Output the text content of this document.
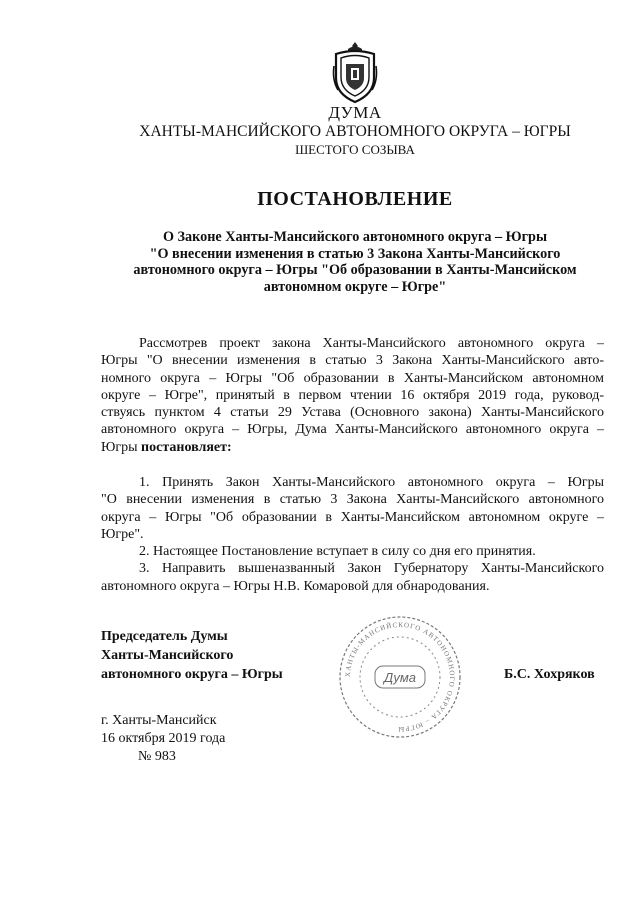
ДУМА
ХАНТЫ-МАНСИЙСКОГО АВТОНОМНОГО ОКРУГА – ЮГРЫ
ШЕСТОГО СОЗЫВА
ПОСТАНОВЛЕНИЕ
О Законе Ханты-Мансийского автономного округа – Югры
"О внесении изменения в статью 3 Закона Ханты-Мансийского
автономного округа – Югры "Об образовании в Ханты-Мансийском
автономном округе – Югре"
Рассмотрев проект закона Ханты-Мансийского автономного округа –
Югры "О внесении изменения в статью 3 Закона Ханты-Мансийского авто-
номного округа – Югры "Об образовании в Ханты-Мансийском автономном
округе – Югре", принятый в первом чтении 16 октября 2019 года, руковод-
ствуясь пунктом 4 статьи 29 Устава (Основного закона) Ханты-Мансийского
автономного округа – Югры, Дума Ханты-Мансийского автономного округа –
Югры постановляет:
1. Принять Закон Ханты-Мансийского автономного округа – Югры
"О внесении изменения в статью 3 Закона Ханты-Мансийского автономного
округа – Югры "Об образовании в Ханты-Мансийском автономном округе –
Югре".
2. Настоящее Постановление вступает в силу со дня его принятия.
3. Направить вышеназванный Закон Губернатору Ханты-Мансийского
автономного округа – Югры Н.В. Комаровой для обнародования.
Председатель Думы
Ханты-Мансийского
автономного округа – Югры	Б.С. Хохряков
ХАНТЫ-МАНСИЙСКОГО АВТОНОМНОГО ОКРУГА – ЮГРЫ
Дума
г. Ханты-Мансийск
16 октября 2019 года
№ 983
